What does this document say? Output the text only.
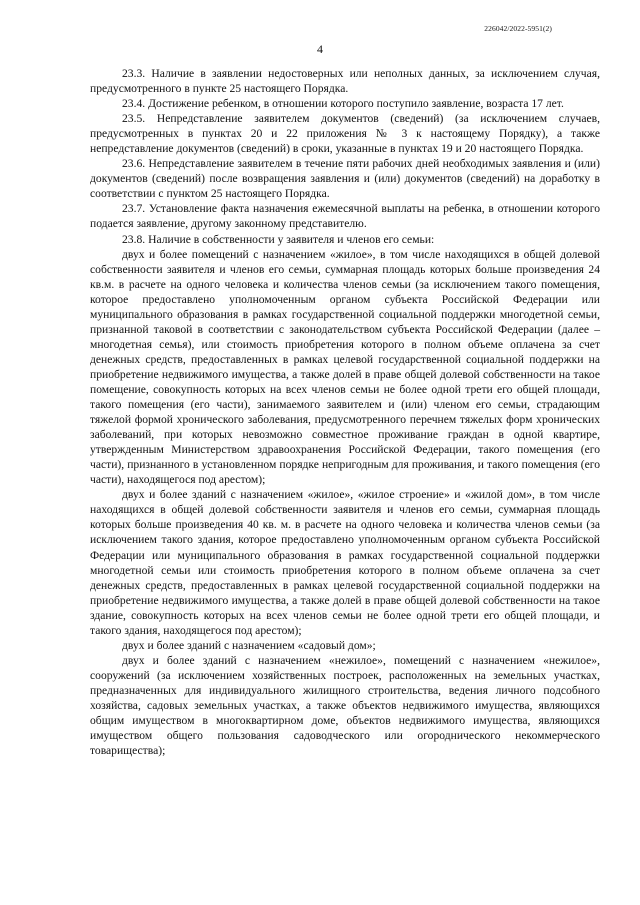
226042/2022-5951(2)
4

23.3. Наличие в заявлении недостоверных или неполных данных, за исключением случая, предусмотренного в пункте 25 настоящего Порядка.

23.4. Достижение ребенком, в отношении которого поступило заявление, возраста 17 лет.

23.5. Непредставление заявителем документов (сведений) (за исключением случаев, предусмотренных в пунктах 20 и 22 приложения № 3 к настоящему Порядку), а также непредставление документов (сведений) в сроки, указанные в пунктах 19 и 20 настоящего Порядка.

23.6. Непредставление заявителем в течение пяти рабочих дней необходимых заявления и (или) документов (сведений) после возвращения заявления и (или) документов (сведений) на доработку в соответствии с пунктом 25 настоящего Порядка.

23.7. Установление факта назначения ежемесячной выплаты на ребенка, в отношении которого подается заявление, другому законному представителю.

23.8. Наличие в собственности у заявителя и членов его семьи:

двух и более помещений с назначением «жилое», в том числе находящихся в общей долевой собственности заявителя и членов его семьи, суммарная площадь которых больше произведения 24 кв.м. в расчете на одного человека и количества членов семьи (за исключением такого помещения, которое предоставлено уполномоченным органом субъекта Российской Федерации или муниципального образования в рамках государственной социальной поддержки многодетной семьи, признанной таковой в соответствии с законодательством субъекта Российской Федерации (далее – многодетная семья), или стоимость приобретения которого в полном объеме оплачена за счет денежных средств, предоставленных в рамках целевой государственной социальной поддержки на приобретение недвижимого имущества, а также долей в праве общей долевой собственности на такое помещение, совокупность которых на всех членов семьи не более одной трети его общей площади, такого помещения (его части), занимаемого заявителем и (или) членом его семьи, страдающим тяжелой формой хронического заболевания, предусмотренного перечнем тяжелых форм хронических заболеваний, при которых невозможно совместное проживание граждан в одной квартире, утвержденным Министерством здравоохранения Российской Федерации, такого помещения (его части), признанного в установленном порядке непригодным для проживания, и такого помещения (его части), находящегося под арестом);

двух и более зданий с назначением «жилое», «жилое строение» и «жилой дом», в том числе находящихся в общей долевой собственности заявителя и членов его семьи, суммарная площадь которых больше произведения 40 кв. м. в расчете на одного человека и количества членов семьи (за исключением такого здания, которое предоставлено уполномоченным органом субъекта Российской Федерации или муниципального образования в рамках государственной социальной поддержки многодетной семьи или стоимость приобретения которого в полном объеме оплачена за счет денежных средств, предоставленных в рамках целевой государственной социальной поддержки на приобретение недвижимого имущества, а также долей в праве общей долевой собственности на такое здание, совокупность которых на всех членов семьи не более одной трети его общей площади, и такого здания, находящегося под арестом);

двух и более зданий с назначением «садовый дом»;

двух и более зданий с назначением «нежилое», помещений с назначением «нежилое», сооружений (за исключением хозяйственных построек, расположенных на земельных участках, предназначенных для индивидуального жилищного строительства, ведения личного подсобного хозяйства, садовых земельных участках, а также объектов недвижимого имущества, являющихся общим имуществом в многоквартирном доме, объектов недвижимого имущества, являющихся имуществом общего пользования садоводческого или огороднического некоммерческого товарищества);
